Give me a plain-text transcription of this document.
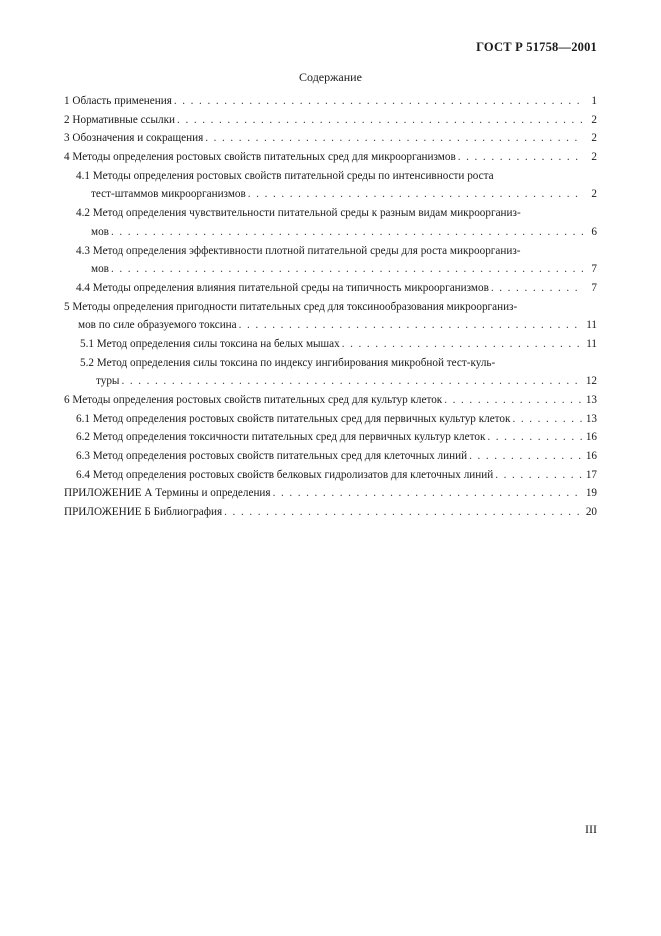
ГОСТ Р 51758—2001
Содержание
1 Область применения . . .	1
2 Нормативные ссылки . . .	2
3 Обозначения и сокращения . . .	2
4 Методы определения ростовых свойств питательных сред для микроорганизмов . . .	2
4.1 Методы определения ростовых свойств питательной среды по интенсивности роста
тест-штаммов микроорганизмов . . .	2
4.2 Метод определения чувствительности питательной среды к разным видам микроорганиз-
мов . . .	6
4.3 Метод определения эффективности плотной питательной среды для роста микроорганиз-
мов . . .	7
4.4 Методы определения влияния питательной среды на типичность микроорганизмов . . .	7
5 Методы определения пригодности питательных сред для токсинообразования микроорганиз-
мов по силе образуемого токсина . . .	11
5.1 Метод определения силы токсина на белых мышах . . .	11
5.2 Метод определения силы токсина по индексу ингибирования микробной тест-куль-
туры . . .	12
6 Методы определения ростовых свойств питательных сред для культур клеток . . .	13
6.1 Метод определения ростовых свойств питательных сред для первичных культур клеток . . .	13
6.2 Метод определения токсичности питательных сред для первичных культур клеток . . .	16
6.3 Метод определения ростовых свойств питательных сред для клеточных линий . . .	16
6.4 Метод определения ростовых свойств белковых гидролизатов для клеточных линий . . .	17
ПРИЛОЖЕНИЕ А Термины и определения . . .	19
ПРИЛОЖЕНИЕ Б Библиография . . .	20
III
